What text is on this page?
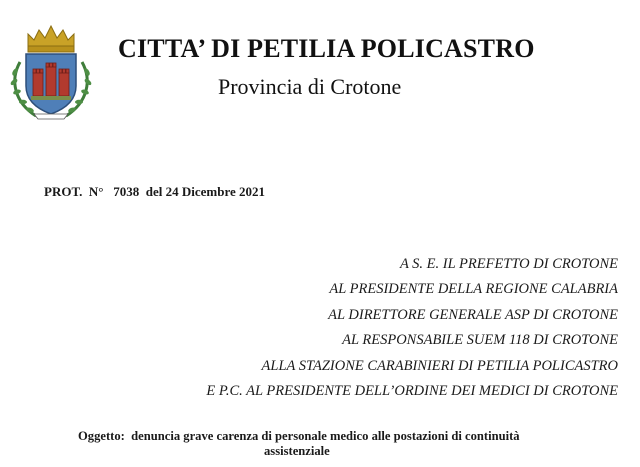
CITTA’ DI PETILIA POLICASTRO
Provincia di Crotone
PROT. N° 7038 del 24 Dicembre 2021
A S. E. IL PREFETTO DI CROTONE
AL PRESIDENTE DELLA REGIONE CALABRIA
AL DIRETTORE GENERALE ASP DI CROTONE
AL RESPONSABILE SUEM 118 DI CROTONE
ALLA STAZIONE CARABINIERI DI PETILIA POLICASTRO
E P.C. AL PRESIDENTE DELL’ORDINE DEI MEDICI DI CROTONE
Oggetto: denuncia grave carenza di personale medico alle postazioni di continuità
assistenziale
